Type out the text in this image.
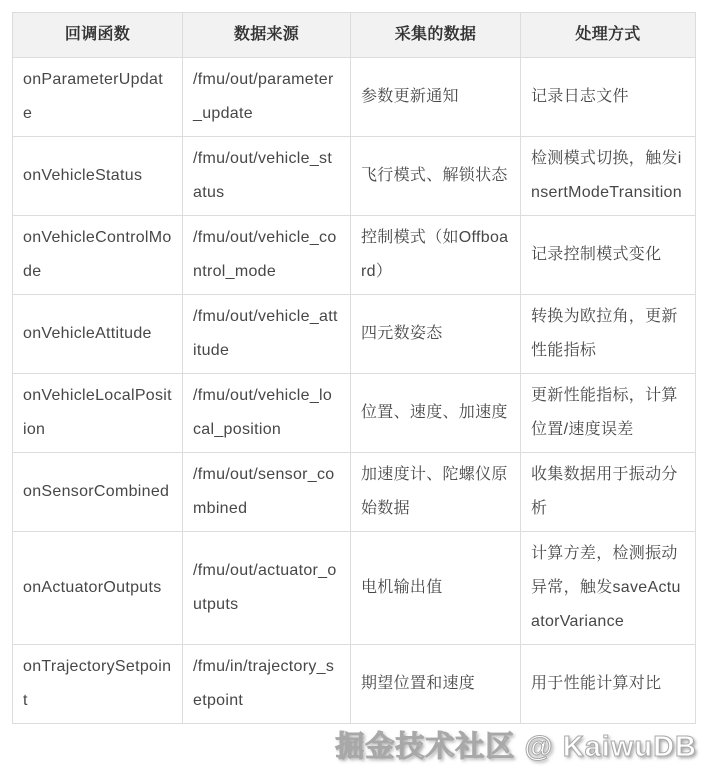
回调函数	数据来源	采集的数据	处理方式
onParameterUpdate	/fmu/out/parameter_update	参数更新通知	记录日志文件
onVehicleStatus	/fmu/out/vehicle_status	飞行模式、解锁状态	检测模式切换，触发insertModeTransition
onVehicleControlMode	/fmu/out/vehicle_control_mode	控制模式（如Offboard）	记录控制模式变化
onVehicleAttitude	/fmu/out/vehicle_attitude	四元数姿态	转换为欧拉角，更新性能指标
onVehicleLocalPosition	/fmu/out/vehicle_local_position	位置、速度、加速度	更新性能指标，计算位置/速度误差
onSensorCombined	/fmu/out/sensor_combined	加速度计、陀螺仪原始数据	收集数据用于振动分析
onActuatorOutputs	/fmu/out/actuator_outputs	电机输出值	计算方差，检测振动异常，触发saveActuatorVariance
onTrajectorySetpoint	/fmu/in/trajectory_setpoint	期望位置和速度	用于性能计算对比
掘金技术社区 @ KaiwuDB
